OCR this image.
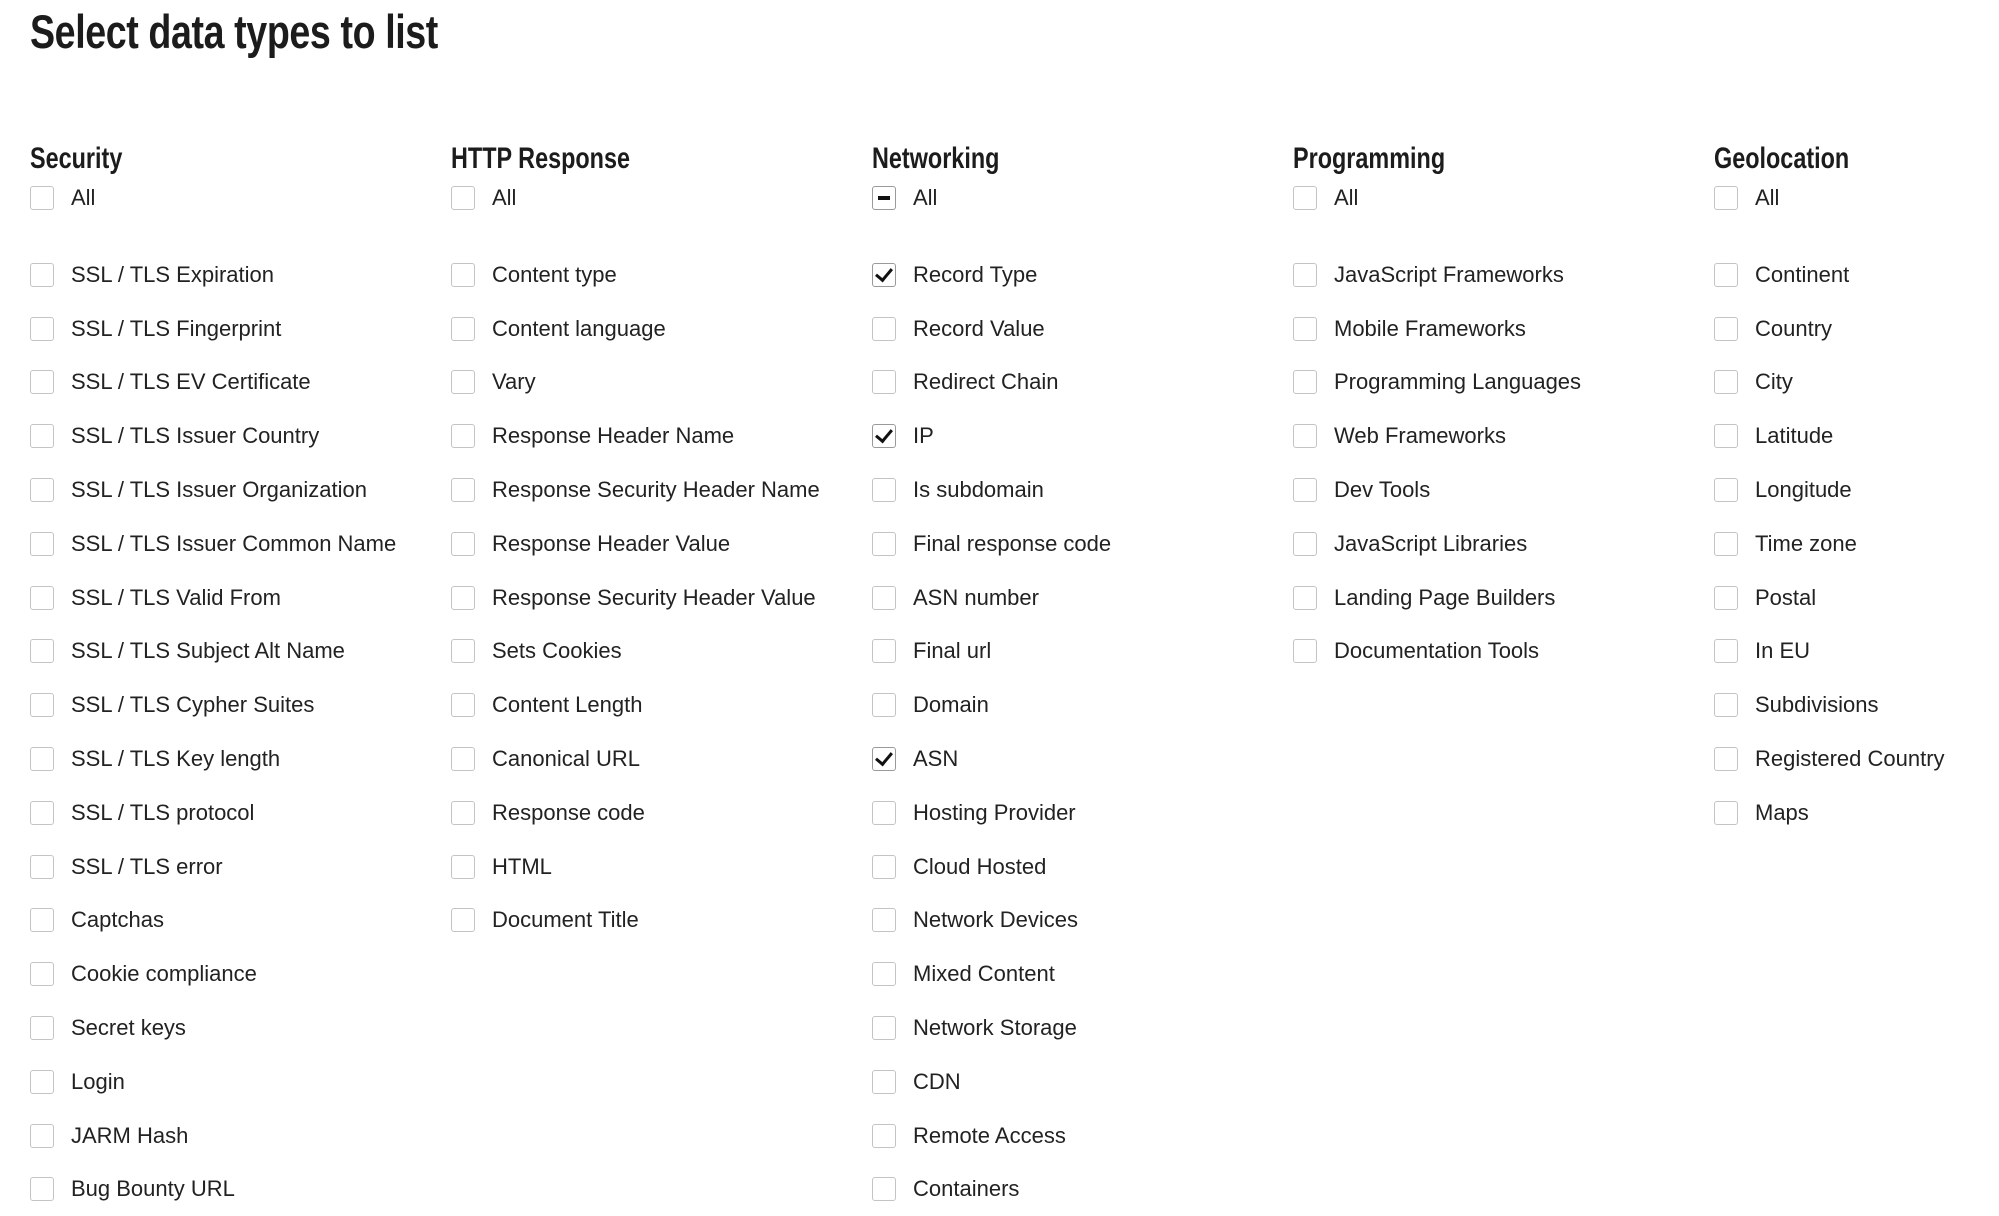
Select data types to list
Security
All
SSL / TLS Expiration
SSL / TLS Fingerprint
SSL / TLS EV Certificate
SSL / TLS Issuer Country
SSL / TLS Issuer Organization
SSL / TLS Issuer Common Name
SSL / TLS Valid From
SSL / TLS Subject Alt Name
SSL / TLS Cypher Suites
SSL / TLS Key length
SSL / TLS protocol
SSL / TLS error
Captchas
Cookie compliance
Secret keys
Login
JARM Hash
Bug Bounty URL
HTTP Response
All
Content type
Content language
Vary
Response Header Name
Response Security Header Name
Response Header Value
Response Security Header Value
Sets Cookies
Content Length
Canonical URL
Response code
HTML
Document Title
Networking
All
Record Type
Record Value
Redirect Chain
IP
Is subdomain
Final response code
ASN number
Final url
Domain
ASN
Hosting Provider
Cloud Hosted
Network Devices
Mixed Content
Network Storage
CDN
Remote Access
Containers
Programming
All
JavaScript Frameworks
Mobile Frameworks
Programming Languages
Web Frameworks
Dev Tools
JavaScript Libraries
Landing Page Builders
Documentation Tools
Geolocation
All
Continent
Country
City
Latitude
Longitude
Time zone
Postal
In EU
Subdivisions
Registered Country
Maps
